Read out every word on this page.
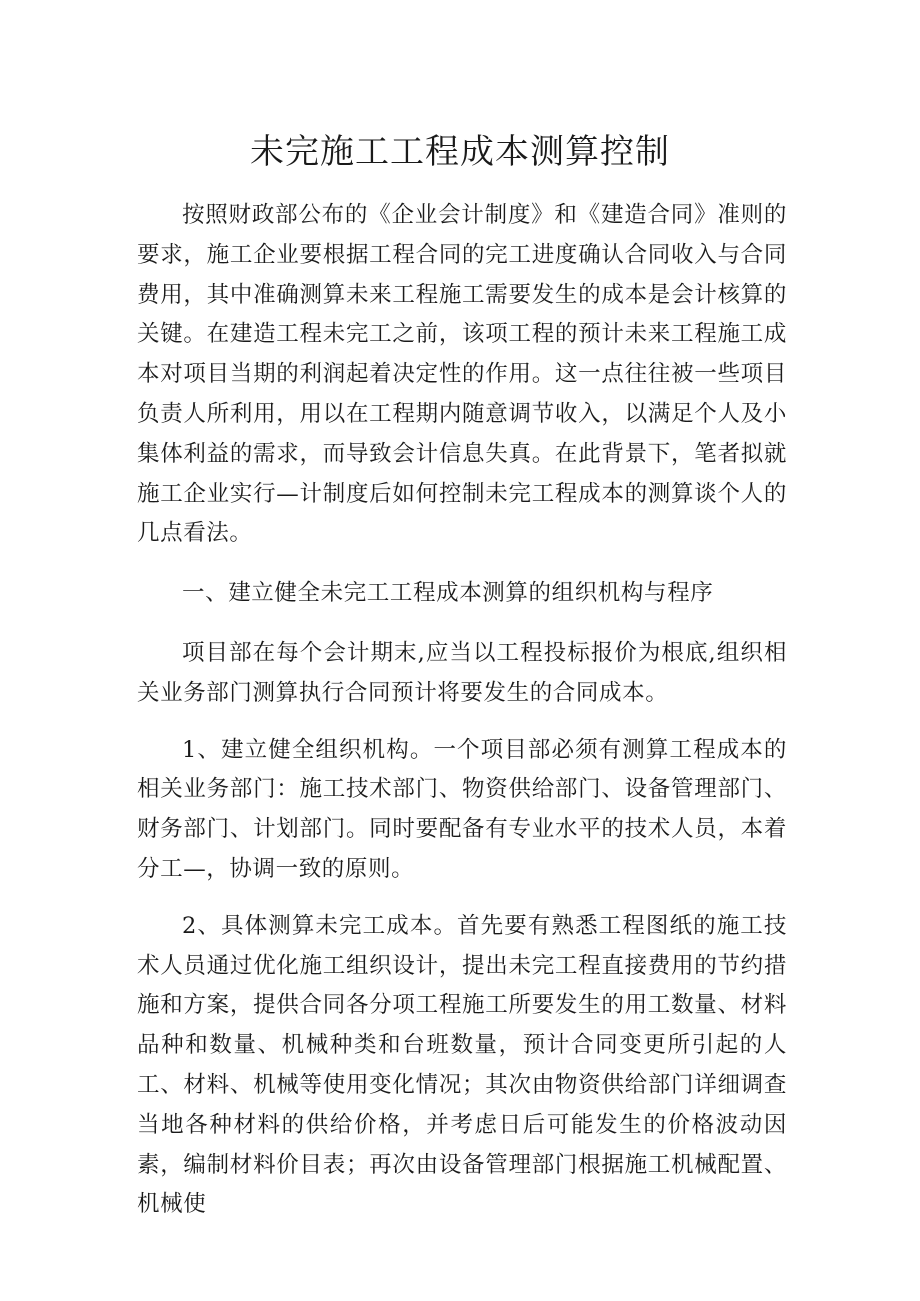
未完施工工程成本测算控制

按照财政部公布的《企业会计制度》和《建造合同》准则的要求，施工企业要根据工程合同的完工进度确认合同收入与合同费用，其中准确测算未来工程施工需要发生的成本是会计核算的关键。在建造工程未完工之前，该项工程的预计未来工程施工成本对项目当期的利润起着决定性的作用。这一点往往被一些项目负责人所利用，用以在工程期内随意调节收入，以满足个人及小集体利益的需求，而导致会计信息失真。在此背景下，笔者拟就施工企业实行—计制度后如何控制未完工程成本的测算谈个人的几点看法。

一、建立健全未完工工程成本测算的组织机构与程序

项目部在每个会计期末,应当以工程投标报价为根底,组织相关业务部门测算执行合同预计将要发生的合同成本。

1、建立健全组织机构。一个项目部必须有测算工程成本的相关业务部门：施工技术部门、物资供给部门、设备管理部门、财务部门、计划部门。同时要配备有专业水平的技术人员，本着分工—，协调一致的原则。

2、具体测算未完工成本。首先要有熟悉工程图纸的施工技术人员通过优化施工组织设计，提出未完工程直接费用的节约措施和方案，提供合同各分项工程施工所要发生的用工数量、材料品种和数量、机械种类和台班数量，预计合同变更所引起的人工、材料、机械等使用变化情况；其次由物资供给部门详细调查当地各种材料的供给价格，并考虑日后可能发生的价格波动因素，编制材料价目表；再次由设备管理部门根据施工机械配置、机械使
